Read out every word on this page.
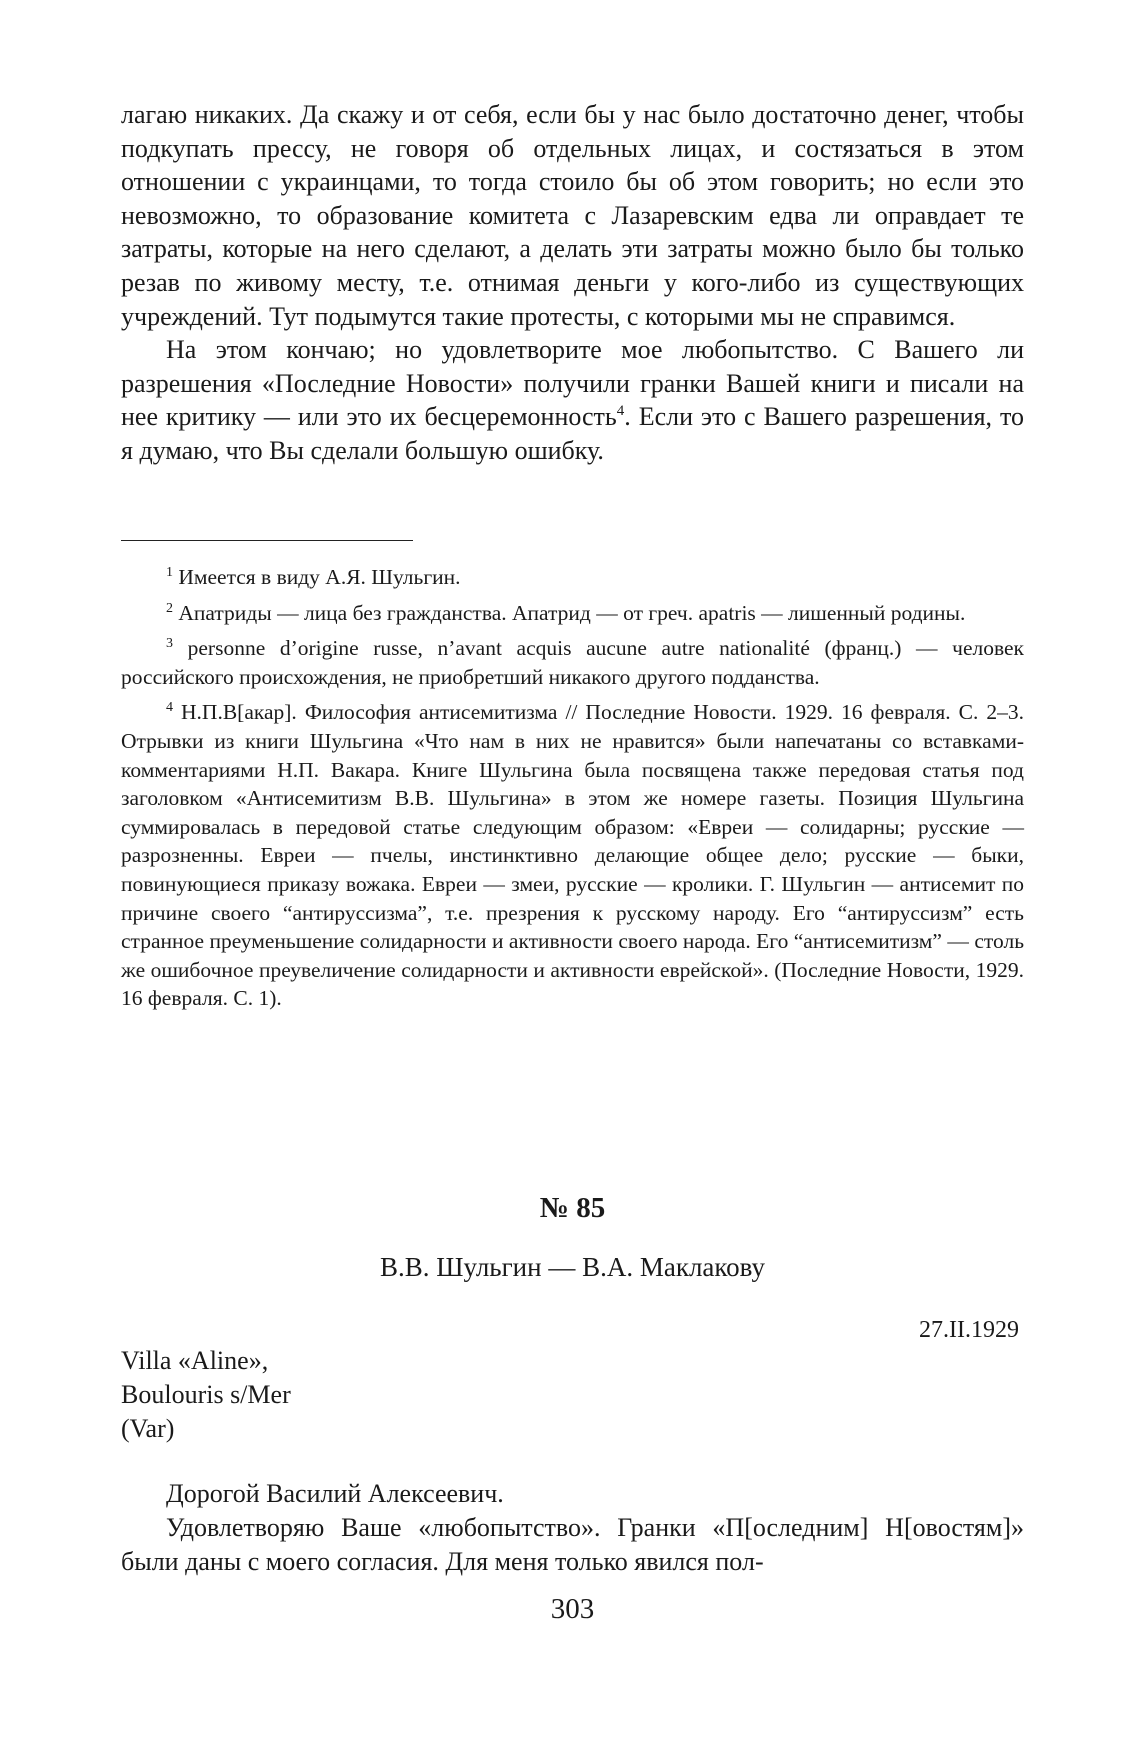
лагаю никаких. Да скажу и от себя, если бы у нас было достаточно денег, чтобы подкупать прессу, не говоря об отдельных лицах, и состязаться в этом отношении с украинцами, то тогда стоило бы об этом говорить; но если это невозможно, то образование комитета с Лазаревским едва ли оправдает те затраты, которые на него сделают, а делать эти затраты можно было бы только резав по живому месту, т.е. отнимая деньги у кого-либо из существующих учреждений. Тут подымутся такие протесты, с которыми мы не справимся.

На этом кончаю; но удовлетворите мое любопытство. С Вашего ли разрешения «Последние Новости» получили гранки Вашей книги и писали на нее критику — или это их бесцеремонность$^4$. Если это с Вашего разрешения, то я думаю, что Вы сделали большую ошибку.

$^1$ Имеется в виду А.Я. Шульгин.

$^2$ Апатриды — лица без гражданства. Апатрид — от греч. apatris — лишенный родины.

$^3$ personne d’origine russe, n’avant acquis aucune autre nationalité (франц.) — человек российского происхождения, не приобретший никакого другого подданства.

$^4$ Н.П.В[акар]. Философия антисемитизма // Последние Новости. 1929. 16 февраля. С. 2–3. Отрывки из книги Шульгина «Что нам в них не нравится» были напечатаны со вставками-комментариями Н.П. Вакара. Книге Шульгина была посвящена также передовая статья под заголовком «Антисемитизм В.В. Шульгина» в этом же номере газеты. Позиция Шульгина суммировалась в передовой статье следующим образом: «Евреи — солидарны; русские — разрозненны. Евреи — пчелы, инстинктивно делающие общее дело; русские — быки, повинующиеся приказу вожака. Евреи — змеи, русские — кролики. Г. Шульгин — антисемит по причине своего “антируссизма”, т.е. презрения к русскому народу. Его “антируссизм” есть странное преуменьшение солидарности и активности своего народа. Его “антисемитизм” — столь же ошибочное преувеличение солидарности и активности еврейской». (Последние Новости, 1929. 16 февраля. С. 1).

№ 85
В.В. Шульгин — В.А. Маклакову
27.II.1929
Villa «Aline»,
Boulouris s/Mer
(Var)

Дорогой Василий Алексеевич.

Удовлетворяю Ваше «любопытство». Гранки «П[оследним] Н[овостям]» были даны с моего согласия. Для меня только явился пол-

303
